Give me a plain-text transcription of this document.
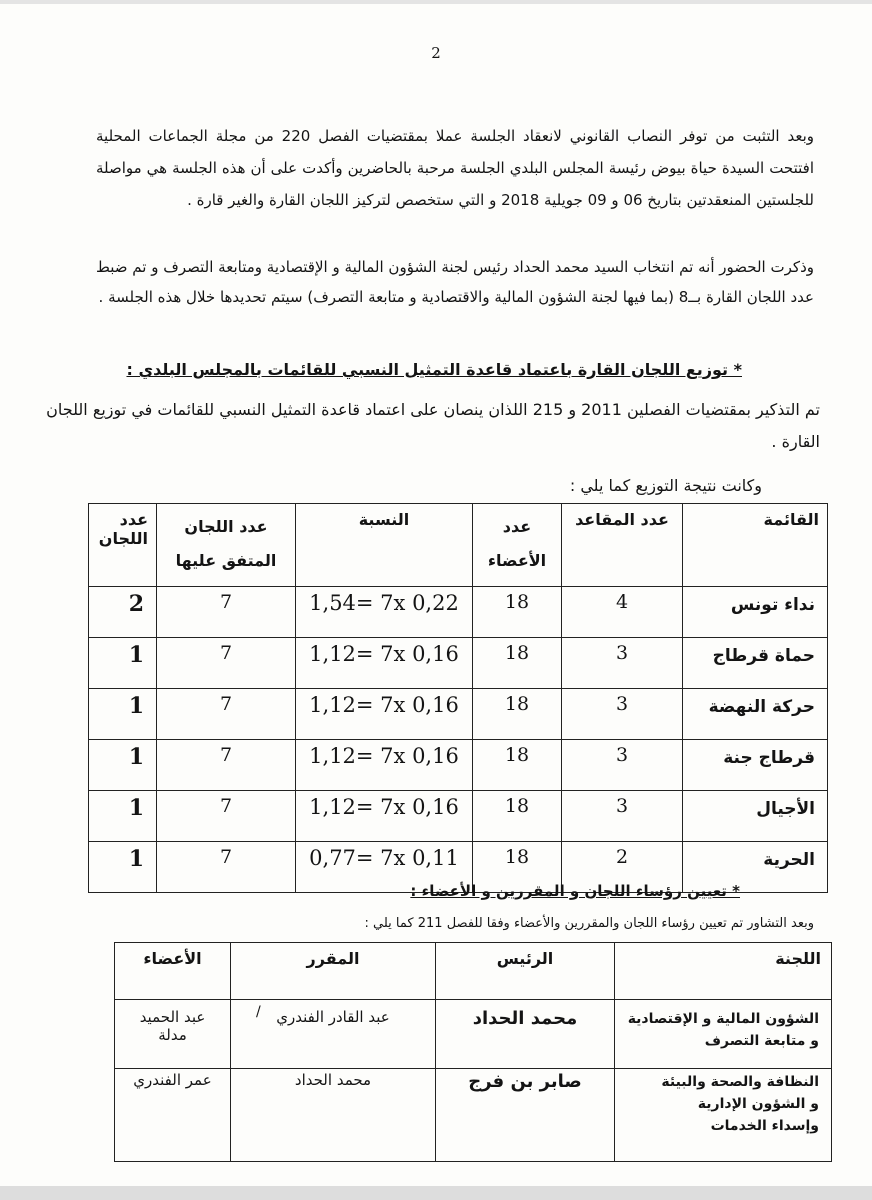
2
وبعد التثبت من توفر النصاب القانوني لانعقاد الجلسة عملا بمقتضيات الفصل 220 من مجلة الجماعات المحلية افتتحت السيدة حياة بيوض رئيسة المجلس البلدي الجلسة مرحبة بالحاضرين وأكدت على أن هذه الجلسة هي مواصلة للجلستين المنعقدتين بتاريخ 06 و 09 جويلية 2018 و التي ستخصص لتركيز اللجان القارة والغير قارة .
وذكرت الحضور أنه تم انتخاب السيد محمد الحداد رئيس لجنة الشؤون المالية و الإقتصادية ومتابعة التصرف و تم ضبط عدد اللجان القارة بــ8 (بما فيها لجنة الشؤون المالية والاقتصادية و متابعة التصرف) سيتم تحديدها خلال هذه الجلسة .
* توزيع اللجان القارة باعتماد قاعدة التمثيل النسبي للقائمات بالمجلس البلدي :
تم التذكير بمقتضيات الفصلين 2011 و 215 اللذان ينصان على اعتماد قاعدة التمثيل النسبي للقائمات في توزيع اللجان القارة .
وكانت نتيجة التوزيع كما يلي :
القائمة	عدد المقاعد	عدد الأعضاء	النسبة	عدد اللجان المتفق عليها	عدد اللجان
نداء تونس	4	18	1,54= 7x 0,22	7	2
حماة قرطاج	3	18	1,12= 7x 0,16	7	1
حركة النهضة	3	18	1,12= 7x 0,16	7	1
قرطاج جنة	3	18	1,12= 7x 0,16	7	1
الأجيال	3	18	1,12= 7x 0,16	7	1
الحرية	2	18	0,77= 7x 0,11	7	1
* تعيين رؤساء اللجان و المقررين و الأعضاء :
وبعد التشاور تم تعيين رؤساء اللجان والمقررين والأعضاء وفقا للفصل 211 كما يلي :
اللجنة	الرئيس	المقرر	الأعضاء

الشؤون المالية و الإقتصادية
و متابعة التصرف	محمد الحداد	عبد القادر الفندري	عبد الحميد مدلة

النظافة والصحة والبيئة
و الشؤون الإدارية
وإسداء الخدمات	صابر بن فرج	محمد الحداد	عمر الفندري
/
